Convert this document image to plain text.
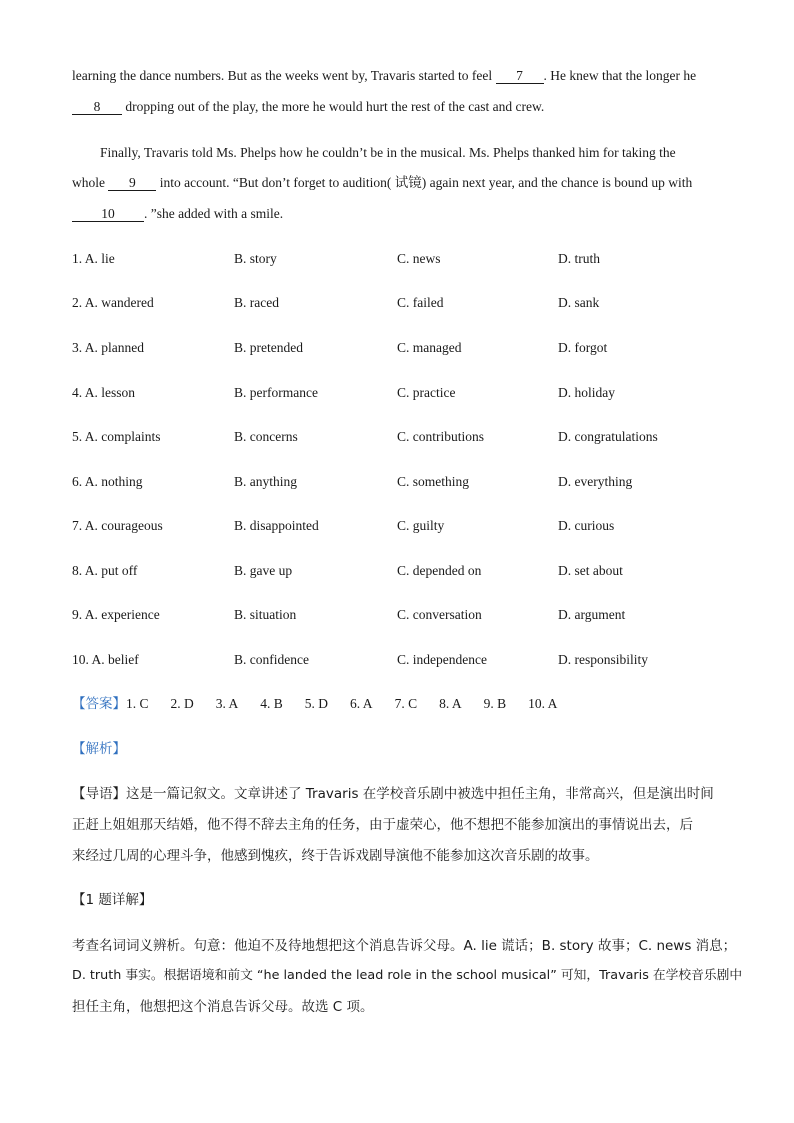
learning the dance numbers. But as the weeks went by, Travaris started to feel 7 . He knew that the longer he
8 dropping out of the play, the more he would hurt the rest of the cast and crew.
Finally, Travaris told Ms. Phelps how he couldn’t be in the musical. Ms. Phelps thanked him for taking the
whole 9 into account. “But don’t forget to audition( 试镜) again next year, and the chance is bound up with
10 . ”she added with a smile.
1. A. lie	B. story	C. news	D. truth
2. A. wandered	B. raced	C. failed	D. sank
3. A. planned	B. pretended	C. managed	D. forgot
4. A. lesson	B. performance	C. practice	D. holiday
5. A. complaints	B. concerns	C. contributions	D. congratulations
6. A. nothing	B. anything	C. something	D. everything
7. A. courageous	B. disappointed	C. guilty	D. curious
8. A. put off	B. gave up	C. depended on	D. set about
9. A. experience	B. situation	C. conversation	D. argument
10. A. belief	B. confidence	C. independence	D. responsibility
【答案】1. C 2. D 3. A 4. B 5. D 6. A 7. C 8. A 9. B 10. A
【解析】
【导语】这是一篇记叙文。文章讲述了 Travaris 在学校音乐剧中被选中担任主角，非常高兴，但是演出时间
正赶上姐姐那天结婚，他不得不辞去主角的任务，由于虚荣心，他不想把不能参加演出的事情说出去，后
来经过几周的心理斗争，他感到愧疚，终于告诉戏剧导演他不能参加这次音乐剧的故事。
【1 题详解】
考查名词词义辨析。句意：他迫不及待地想把这个消息告诉父母。A. lie 谎话；B. story 故事；C. news 消息；
D. truth 事实。根据语境和前文 “he landed the lead role in the school musical” 可知，Travaris 在学校音乐剧中
担任主角，他想把这个消息告诉父母。故选 C 项。
